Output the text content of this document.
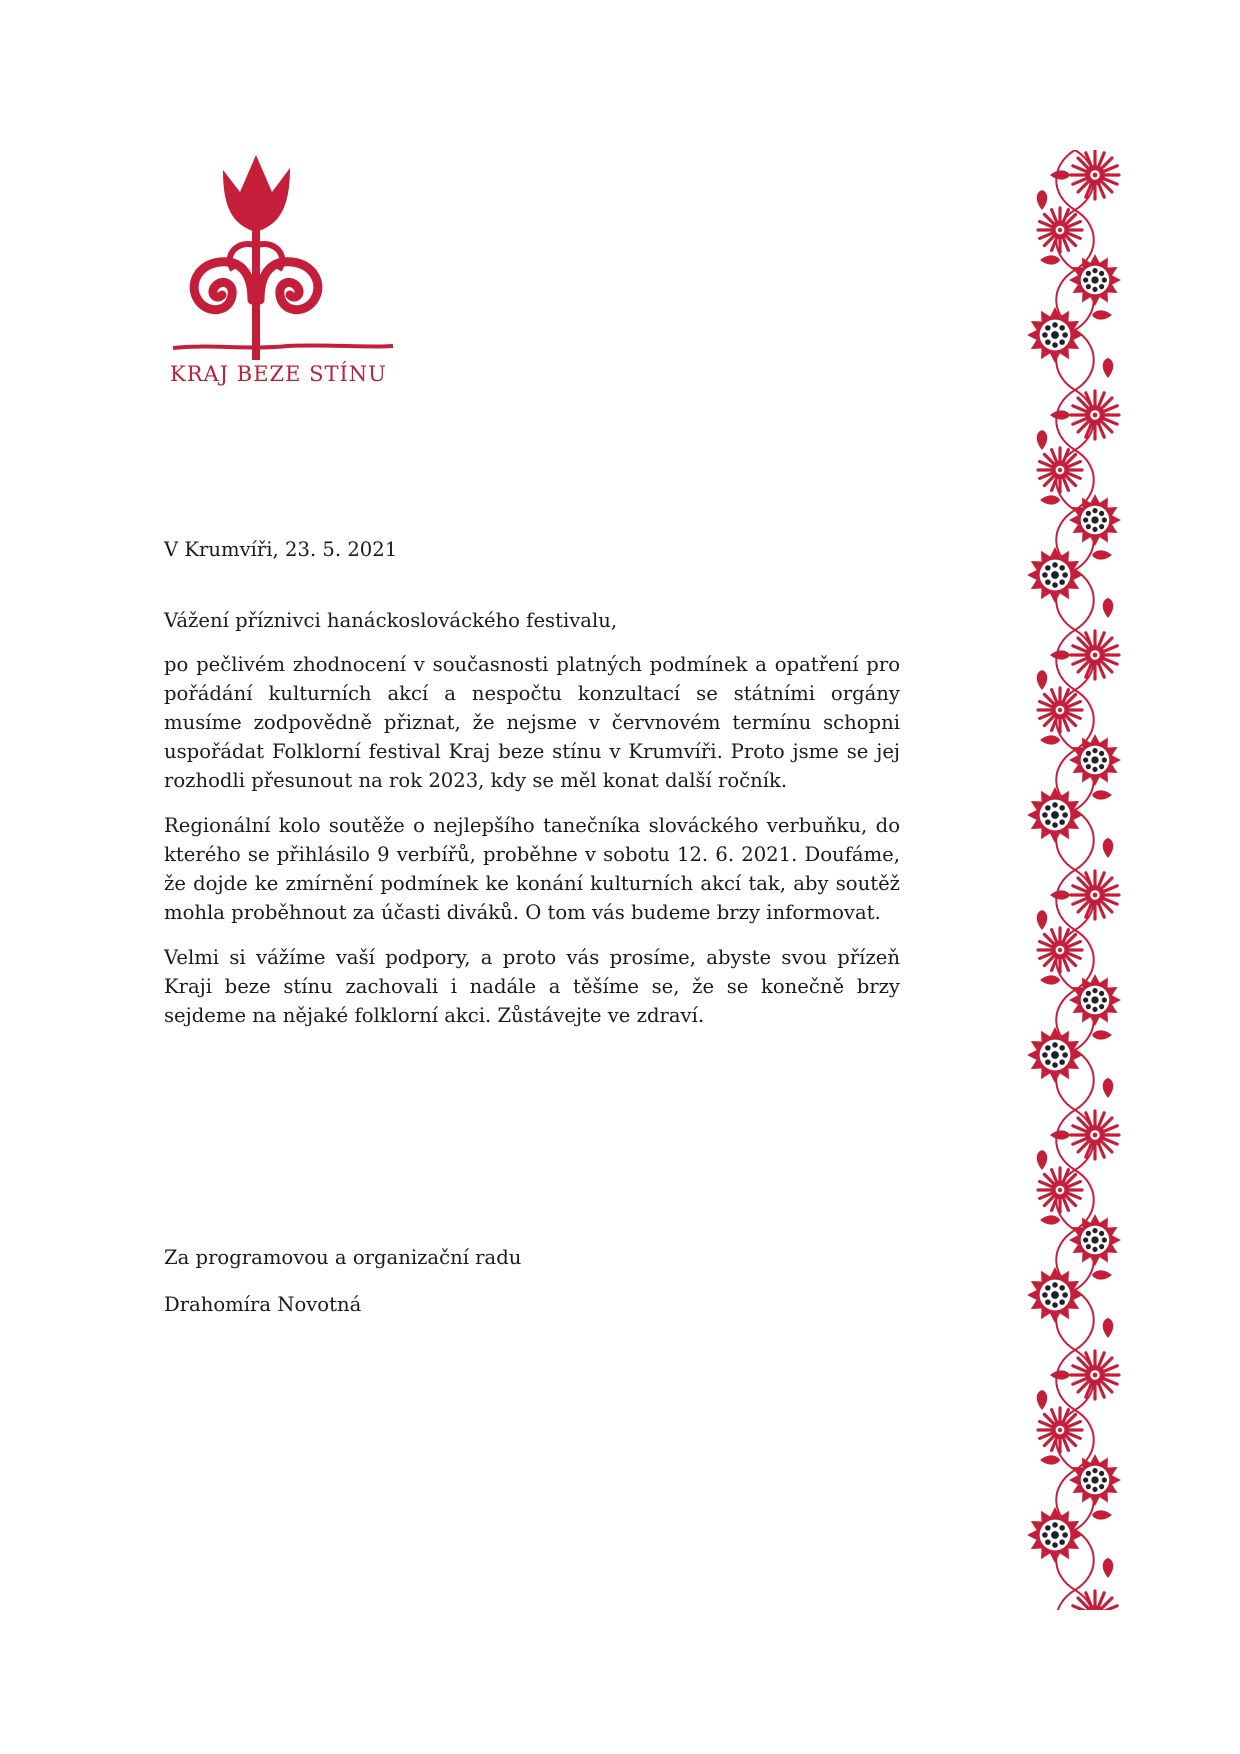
KRAJ BEZE STÍNU

V Krumvíři, 23. 5. 2021

Vážení příznivci hanáckoslováckého festivalu,

po pečlivém zhodnocení v současnosti platných podmínek a opatření pro pořádání kulturních akcí a nespočtu konzultací se státními orgány musíme zodpovědně přiznat, že nejsme v červnovém termínu schopni uspořádat Folklorní festival Kraj beze stínu v Krumvíři. Proto jsme se jej rozhodli přesunout na rok 2023, kdy se měl konat další ročník.

Regionální kolo soutěže o nejlepšího tanečníka slováckého verbuňku, do kterého se přihlásilo 9 verbířů, proběhne v sobotu 12. 6. 2021. Doufáme, že dojde ke zmírnění podmínek ke konání kulturních akcí tak, aby soutěž mohla proběhnout za účasti diváků. O tom vás budeme brzy informovat.

Velmi si vážíme vaší podpory, a proto vás prosíme, abyste svou přízeň Kraji beze stínu zachovali i nadále a těšíme se, že se konečně brzy sejdeme na nějaké folklorní akci. Zůstávejte ve zdraví.

Za programovou a organizační radu

Drahomíra Novotná
